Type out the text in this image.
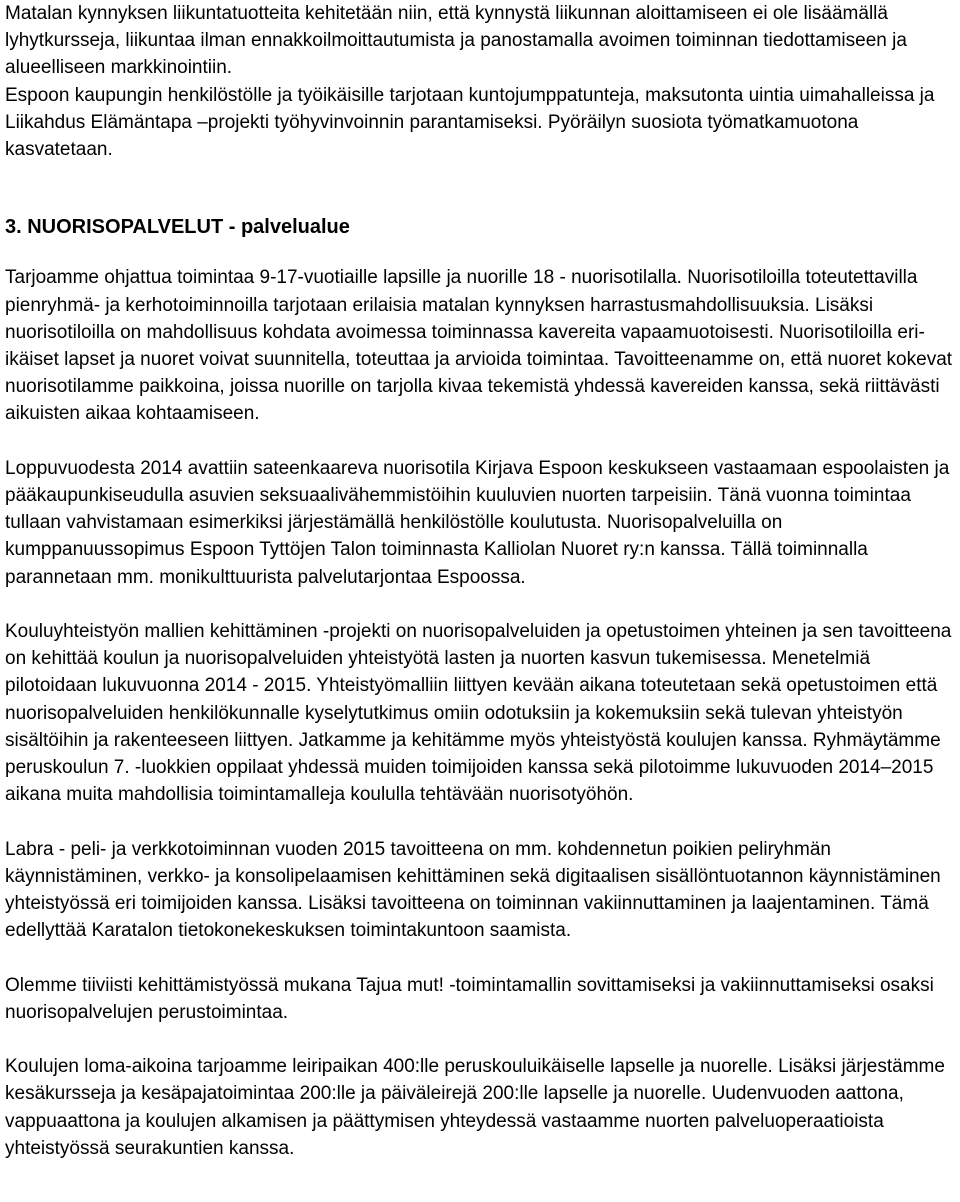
Matalan kynnyksen liikuntatuotteita kehitetään niin, että kynnystä liikunnan aloittamiseen ei ole lisäämällä lyhytkursseja, liikuntaa ilman ennakkoilmoittautumista ja panostamalla avoimen toiminnan tiedottamiseen ja alueelliseen markkinointiin.

Espoon kaupungin henkilöstölle ja työikäisille tarjotaan kuntojumppatunteja, maksutonta uintia uimahalleissa ja Liikahdus Elämäntapa –projekti työhyvinvoinnin parantamiseksi. Pyöräilyn suosiota työmatkamuotona kasvatetaan.

3. NUORISOPALVELUT - palvelualue

Tarjoamme ohjattua toimintaa 9-17-vuotiaille lapsille ja nuorille 18 - nuorisotilalla. Nuorisotiloilla toteutettavilla pienryhmä- ja kerhotoiminnoilla tarjotaan erilaisia matalan kynnyksen harrastusmahdollisuuksia. Lisäksi nuorisotiloilla on mahdollisuus kohdata avoimessa toiminnassa kavereita vapaamuotoisesti. Nuorisotiloilla eri-ikäiset lapset ja nuoret voivat suunnitella, toteuttaa ja arvioida toimintaa. Tavoitteenamme on, että nuoret kokevat nuorisotilamme paikkoina, joissa nuorille on tarjolla kivaa tekemistä yhdessä kavereiden kanssa, sekä riittävästi aikuisten aikaa kohtaamiseen.

Loppuvuodesta 2014 avattiin sateenkaareva nuorisotila Kirjava Espoon keskukseen vastaamaan espoolaisten ja pääkaupunkiseudulla asuvien seksuaalivähemmistöihin kuuluvien nuorten tarpeisiin. Tänä vuonna toimintaa tullaan vahvistamaan esimerkiksi järjestämällä henkilöstölle koulutusta. Nuorisopalveluilla on kumppanuussopimus Espoon Tyttöjen Talon toiminnasta Kalliolan Nuoret ry:n kanssa. Tällä toiminnalla parannetaan mm. monikulttuurista palvelutarjontaa Espoossa.

Kouluyhteistyön mallien kehittäminen -projekti on nuorisopalveluiden ja opetustoimen yhteinen ja sen tavoitteena on kehittää koulun ja nuorisopalveluiden yhteistyötä lasten ja nuorten kasvun tukemisessa. Menetelmiä pilotoidaan lukuvuonna 2014 - 2015. Yhteistyömalliin liittyen kevään aikana toteutetaan sekä opetustoimen että nuorisopalveluiden henkilökunnalle kyselytutkimus omiin odotuksiin ja kokemuksiin sekä tulevan yhteistyön sisältöihin ja rakenteeseen liittyen. Jatkamme ja kehitämme myös yhteistyöstä koulujen kanssa. Ryhmäytämme peruskoulun 7. -luokkien oppilaat yhdessä muiden toimijoiden kanssa sekä pilotoimme lukuvuoden 2014–2015 aikana muita mahdollisia toimintamalleja koululla tehtävään nuorisotyöhön.

Labra - peli- ja verkkotoiminnan vuoden 2015 tavoitteena on mm. kohdennetun poikien peliryhmän käynnistäminen, verkko- ja konsolipelaamisen kehittäminen sekä digitaalisen sisällöntuotannon käynnistäminen yhteistyössä eri toimijoiden kanssa. Lisäksi tavoitteena on toiminnan vakiinnuttaminen ja laajentaminen. Tämä edellyttää Karatalon tietokonekeskuksen toimintakuntoon saamista.

Olemme tiiviisti kehittämistyössä mukana Tajua mut! -toimintamallin sovittamiseksi ja vakiinnuttamiseksi osaksi nuorisopalvelujen perustoimintaa.

Koulujen loma-aikoina tarjoamme leiripaikan 400:lle peruskouluikäiselle lapselle ja nuorelle. Lisäksi järjestämme kesäkursseja ja kesäpajatoimintaa 200:lle ja päiväleirejä 200:lle lapselle ja nuorelle. Uudenvuoden aattona, vappuaattona ja koulujen alkamisen ja päättymisen yhteydessä vastaamme nuorten palveluoperaatioista yhteistyössä seurakuntien kanssa.
